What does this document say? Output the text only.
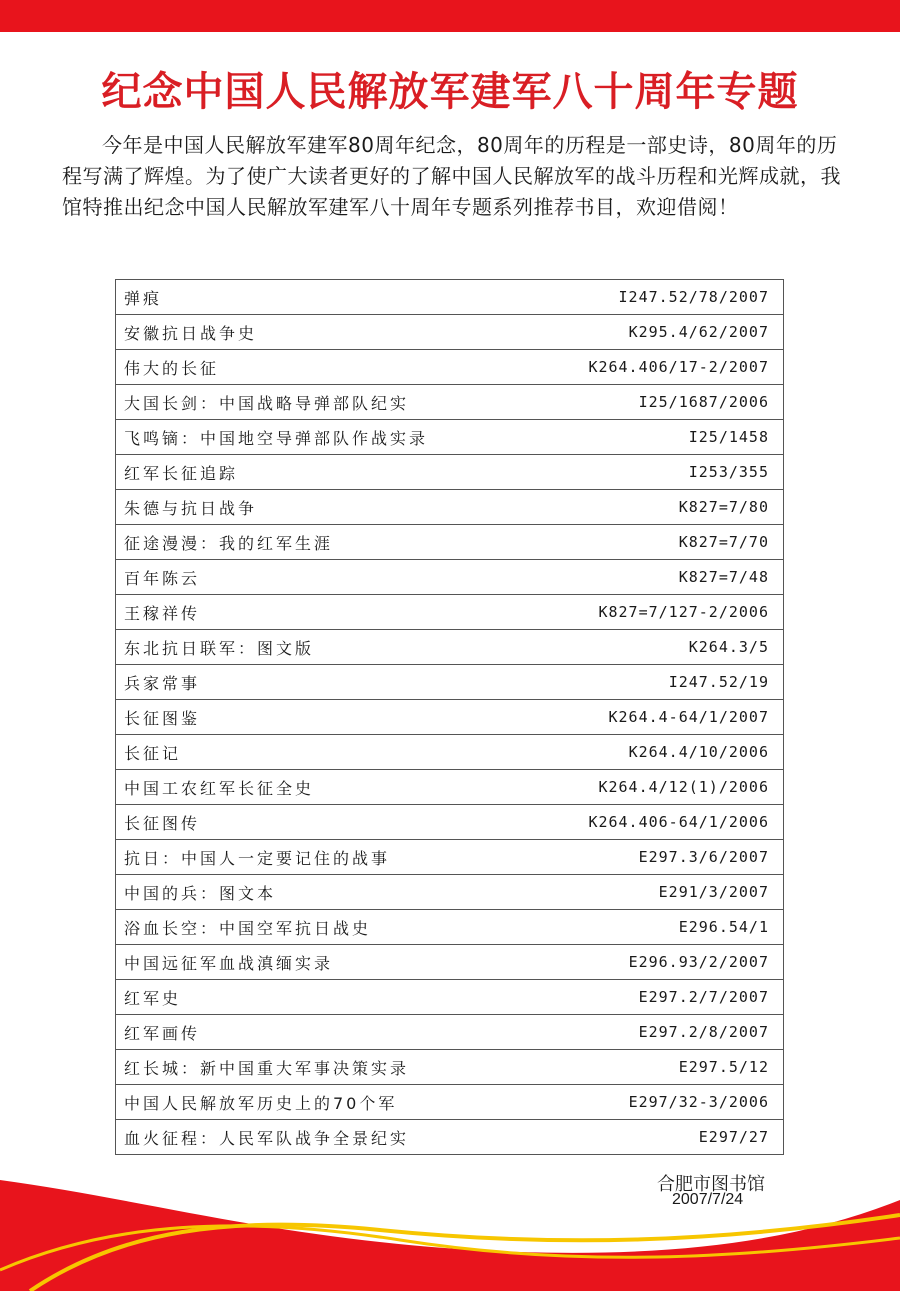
纪念中国人民解放军建军八十周年专题
今年是中国人民解放军建军80周年纪念，80周年的历程是一部史诗，80周年的历程写满了辉煌。为了使广大读者更好的了解中国人民解放军的战斗历程和光辉成就，我馆特推出纪念中国人民解放军建军八十周年专题系列推荐书目，欢迎借阅！
弹痕	I247.52/78/2007
安徽抗日战争史	K295.4/62/2007
伟大的长征	K264.406/17-2/2007
大国长剑：中国战略导弹部队纪实	I25/1687/2006
飞鸣镝：中国地空导弹部队作战实录	I25/1458
红军长征追踪	I253/355
朱德与抗日战争	K827=7/80
征途漫漫：我的红军生涯	K827=7/70
百年陈云	K827=7/48
王稼祥传	K827=7/127-2/2006
东北抗日联军：图文版	K264.3/5
兵家常事	I247.52/19
长征图鉴	K264.4-64/1/2007
长征记	K264.4/10/2006
中国工农红军长征全史	K264.4/12(1)/2006
长征图传	K264.406-64/1/2006
抗日：中国人一定要记住的战事	E297.3/6/2007
中国的兵：图文本	E291/3/2007
浴血长空：中国空军抗日战史	E296.54/1
中国远征军血战滇缅实录	E296.93/2/2007
红军史	E297.2/7/2007
红军画传	E297.2/8/2007
红长城：新中国重大军事决策实录	E297.5/12
中国人民解放军历史上的70个军	E297/32-3/2006
血火征程：人民军队战争全景纪实	E297/27
合肥市图书馆
2007/7/24
